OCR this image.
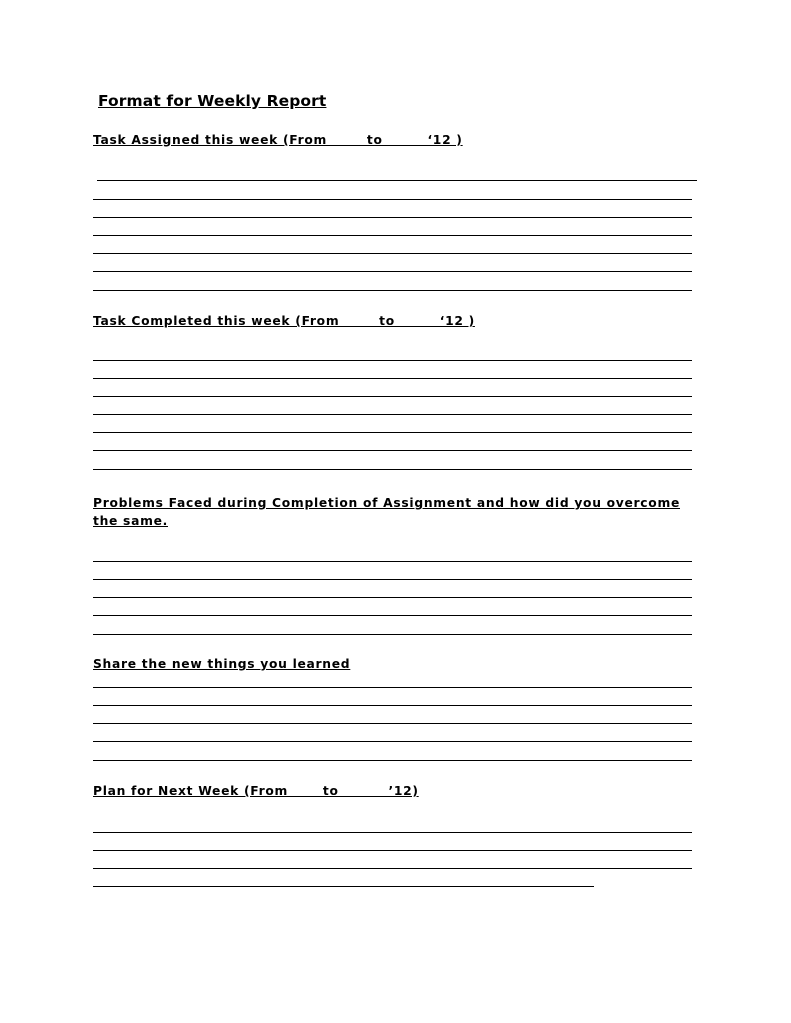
Format for Weekly Report
Task Assigned this week (From        to         ‘12 )
Task Completed this week (From        to         ‘12 )
Problems Faced during Completion of Assignment and how did you overcome the same.
Share the new things you learned
Plan for Next Week (From       to          ’12)
